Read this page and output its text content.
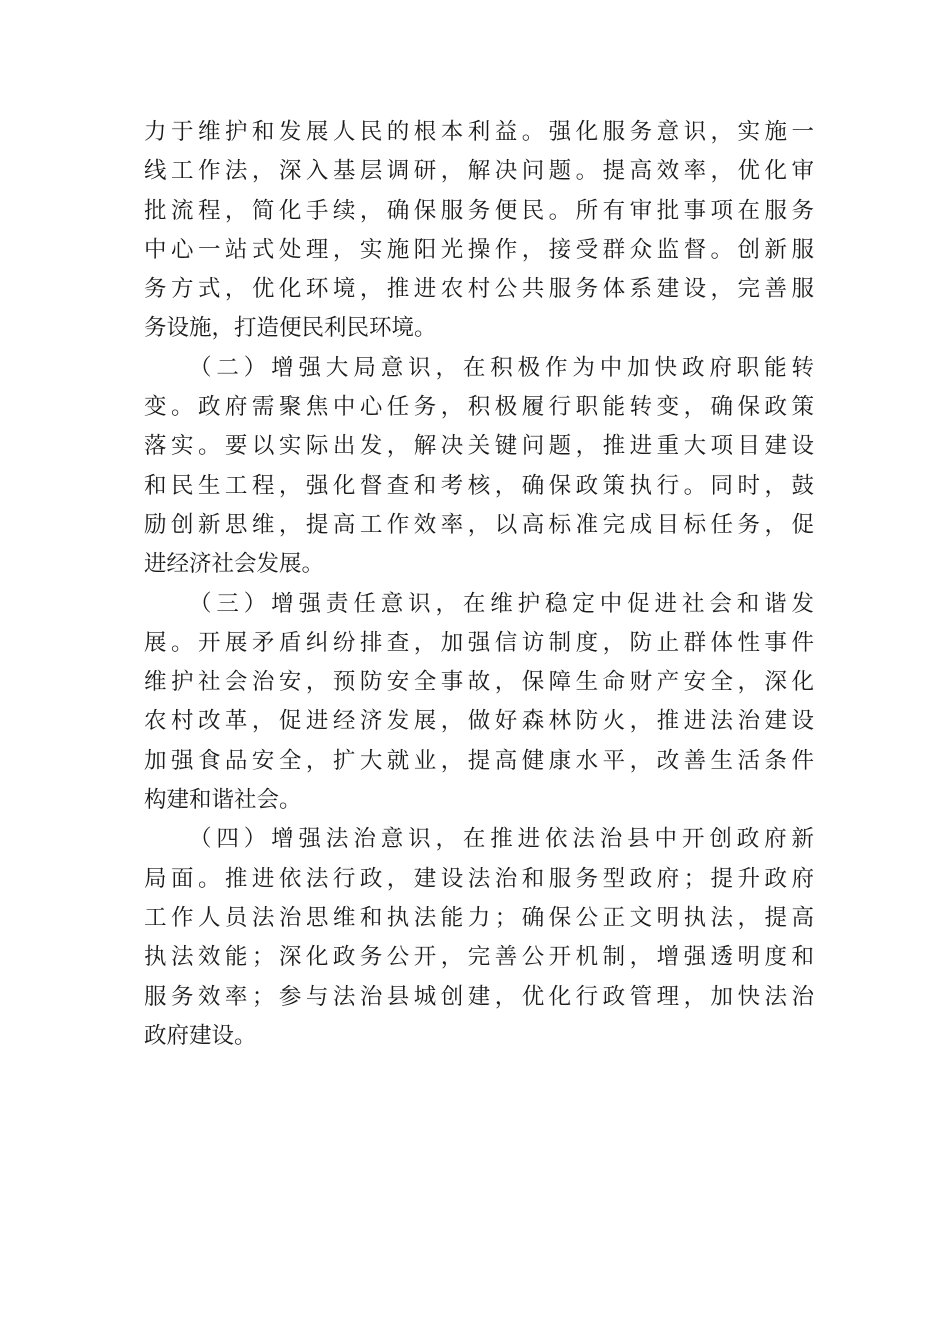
力于维护和发展人民的根本利益。强化服务意识，实施一
线工作法，深入基层调研，解决问题。提高效率，优化审
批流程，简化手续，确保服务便民。所有审批事项在服务
中心一站式处理，实施阳光操作，接受群众监督。创新服
务方式，优化环境，推进农村公共服务体系建设，完善服
务设施，打造便民利民环境。
（二）增强大局意识，在积极作为中加快政府职能转
变。政府需聚焦中心任务，积极履行职能转变，确保政策
落实。要以实际出发，解决关键问题，推进重大项目建设
和民生工程，强化督查和考核，确保政策执行。同时，鼓
励创新思维，提高工作效率，以高标准完成目标任务，促
进经济社会发展。
（三）增强责任意识，在维护稳定中促进社会和谐发
展。开展矛盾纠纷排查，加强信访制度，防止群体性事件
维护社会治安，预防安全事故，保障生命财产安全，深化
农村改革，促进经济发展，做好森林防火，推进法治建设
加强食品安全，扩大就业，提高健康水平，改善生活条件
构建和谐社会。
（四）增强法治意识，在推进依法治县中开创政府新
局面。推进依法行政，建设法治和服务型政府；提升政府
工作人员法治思维和执法能力；确保公正文明执法，提高
执法效能；深化政务公开，完善公开机制，增强透明度和
服务效率；参与法治县城创建，优化行政管理，加快法治
政府建设。
